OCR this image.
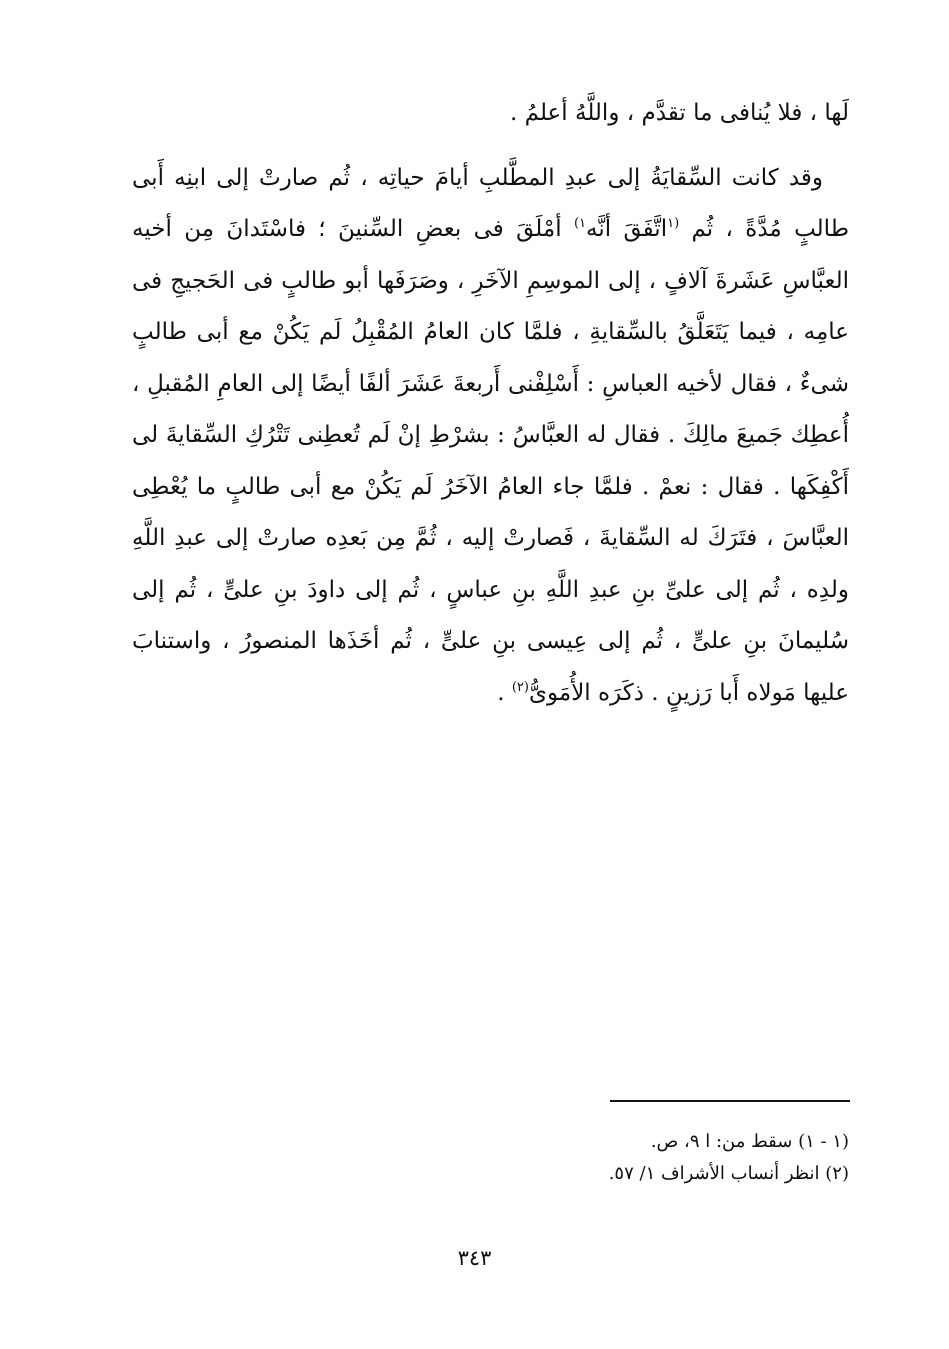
لَها ، فلا يُنافى ما تقدَّم ، واللَّهُ أعلمُ .

وقد كانت السِّقايَةُ إلى عبدِ المطَّلبِ أيامَ حياتِه ، ثُم صارتْ إلى ابنِه أَبى طالبٍ مُدَّةً ، ثُم $^{(١}$اتَّفَقَ أنَّه$^{١)}$ أمْلَقَ فى بعضِ السِّنينَ ؛ فاسْتَدانَ مِن أخيه العبَّاسِ عَشَرةَ آلافٍ ، إلى الموسِمِ الآخَرِ ، وصَرَفَها أبو طالبٍ فى الحَجيجِ فى عامِه ، فيما يَتَعَلَّقُ بالسِّقايةِ ، فلمَّا كان العامُ المُقْبِلُ لَم يَكُنْ مع أبى طالبٍ شىءٌ ، فقال لأخيه العباسِ : أَسْلِفْنى أَربعةَ عَشَرَ ألفًا أيضًا إلى العامِ المُقبلِ ، أُعطِك جَميعَ مالِكَ . فقال له العبَّاسُ : بشرْطِ إنْ لَم تُعطِنى تَتْرُكِ السِّقايةَ لى أَكْفِكَها . فقال : نعمْ . فلمَّا جاء العامُ الآخَرُ لَم يَكُنْ مع أبى طالبٍ ما يُعْطِى العبَّاسَ ، فتَرَكَ له السِّقايةَ ، فَصارتْ إليه ، ثُمَّ مِن بَعدِه صارتْ إلى عبدِ اللَّهِ ولدِه ، ثُم إلى علىِّ بنِ عبدِ اللَّهِ بنِ عباسٍ ، ثُم إلى داودَ بنِ علىٍّ ، ثُم إلى سُليمانَ بنِ علىٍّ ، ثُم إلى عِيسى بنِ علىٍّ ، ثُم أخَذَها المنصورُ ، واستنابَ عليها مَولاه أَبا رَزينٍ . ذكَرَه الأُمَوىُّ$^{(٢)}$ .

(١ - ١) سقط من: ا ٩، ص.
(٢) انظر أنساب الأشراف ١/ ٥٧.
٣٤٣
